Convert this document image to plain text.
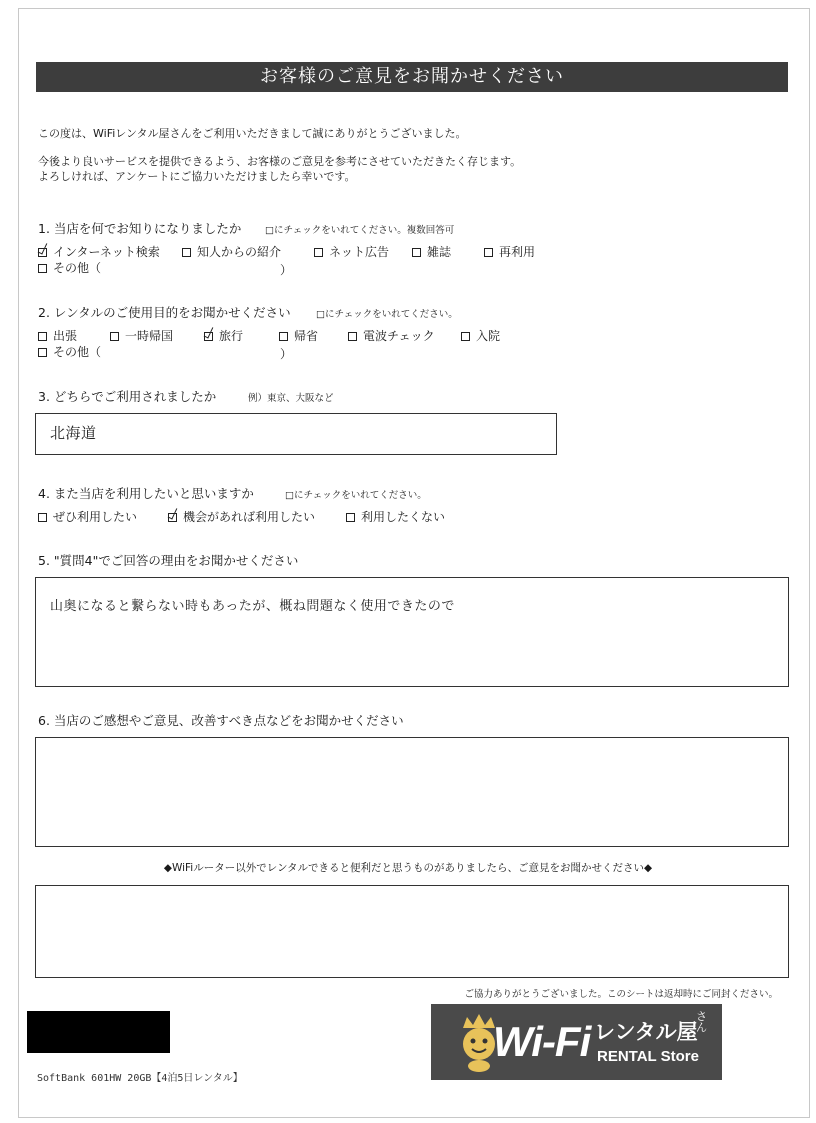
お客様のご意見をお聞かせください
この度は、WiFiレンタル屋さんをご利用いただきまして誠にありがとうございました。
今後より良いサービスを提供できるよう、お客様のご意見を参考にさせていただきたく存じます。
よろしければ、アンケートにご協力いただけましたら幸いです。
1. 当店を何でお知りになりましたか □にチェックをいれてください。複数回答可
インターネット検索	知人からの紹介	ネット広告	雑誌	再利用
その他（	）
2. レンタルのご使用目的をお聞かせください	□にチェックをいれてください。
出張	一時帰国	旅行	帰省	電波チェック	入院
その他（	）
3. どちらでご利用されましたか	例）東京、大阪など
北海道
4. また当店を利用したいと思いますか	□にチェックをいれてください。
ぜひ利用したい	機会があれば利用したい	利用したくない
5. "質問4"でご回答の理由をお聞かせください
山奥になると繋らない時もあったが、概ね問題なく使用できたので
6. 当店のご感想やご意見、改善すべき点などをお聞かせください
◆WiFiルーター以外でレンタルできると便利だと思うものがありましたら、ご意見をお聞かせください◆
ご協力ありがとうございました。このシートは返却時にご同封ください。
SoftBank 601HW 20GB【4泊5日レンタル】
Wi-Fi レンタル屋
さん
RENTAL Store
